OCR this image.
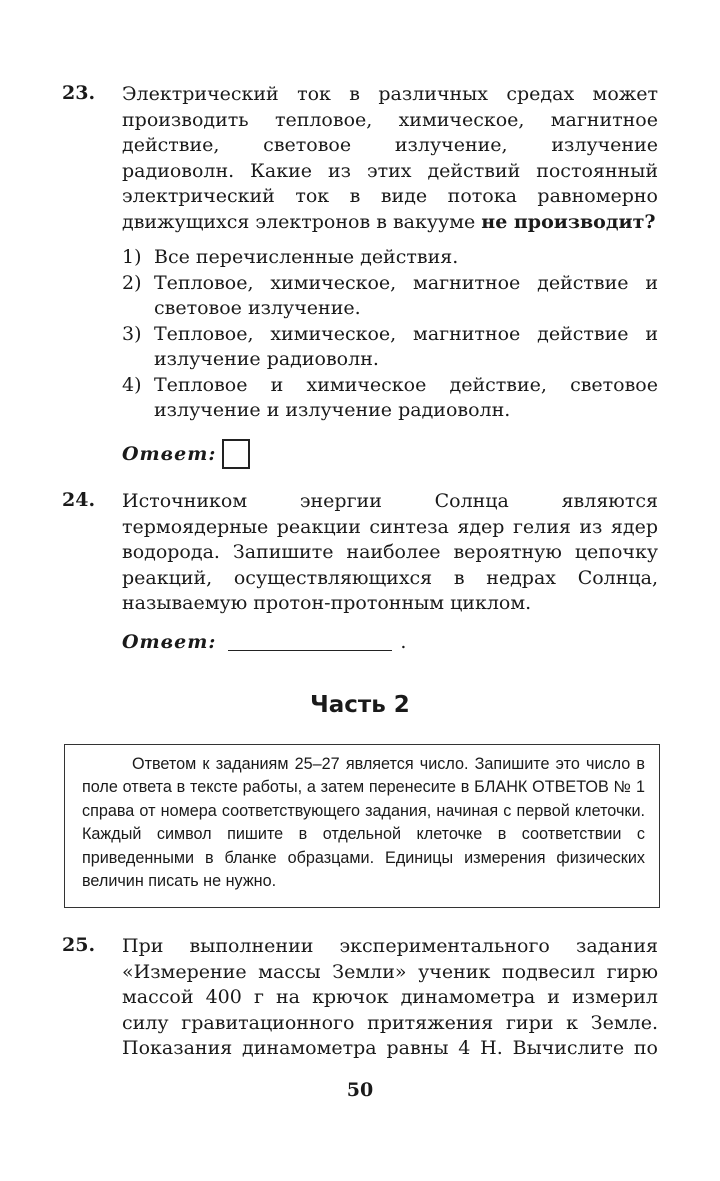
23. Электрический ток в различных средах может производить тепловое, химическое, магнитное действие, световое излучение, излучение радиоволн. Какие из этих действий постоянный электрический ток в виде потока равномерно движущихся электронов в вакууме не производит?
1) Все перечисленные действия.
2) Тепловое, химическое, магнитное действие и световое излучение.
3) Тепловое, химическое, магнитное действие и излучение радиоволн.
4) Тепловое и химическое действие, световое излучение и излучение радиоволн.
Ответ:
24. Источником энергии Солнца являются термоядерные реакции синтеза ядер гелия из ядер водорода. Запишите наиболее вероятную цепочку реакций, осуществляющихся в недрах Солнца, называемую протон-протонным циклом.
Ответ:	.
Часть 2
Ответом к заданиям 25–27 является число. Запишите это число в поле ответа в тексте работы, а затем перенесите в БЛАНК ОТВЕТОВ № 1 справа от номера соответствующего задания, начиная с первой клеточки. Каждый символ пишите в отдельной клеточке в соответствии с приведенными в бланке образцами. Единицы измерения физических величин писать не нужно.
25. При выполнении экспериментального задания «Измерение массы Земли» ученик подвесил гирю массой 400 г на крючок динамометра и измерил силу гравитационного притяжения гири к Земле. Показания динамометра равны 4 Н. Вычислите по
50
